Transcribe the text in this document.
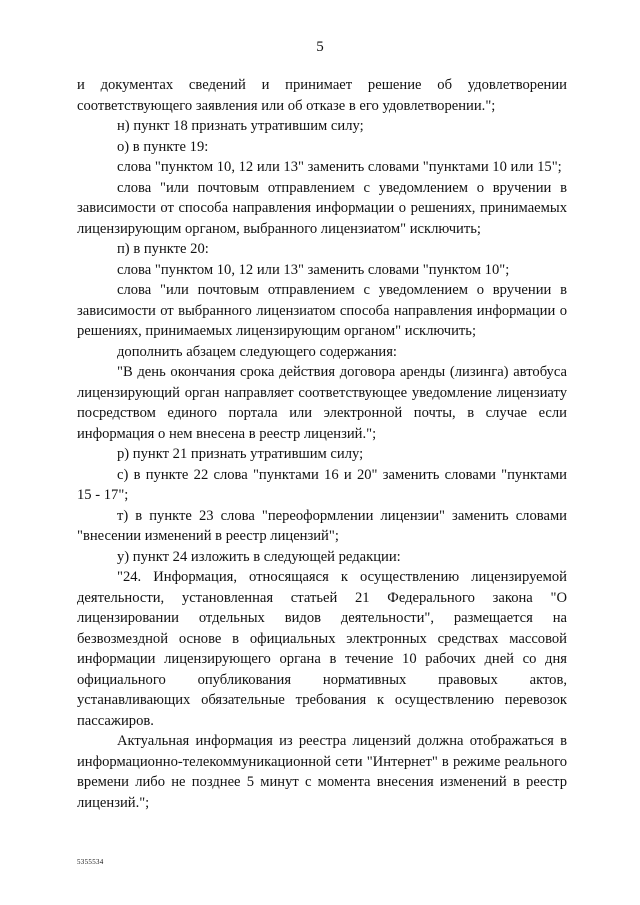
5

и документах сведений и принимает решение об удовлетворении соответствующего заявления или об отказе в его удовлетворении.";

н) пункт 18 признать утратившим силу;

о) в пункте 19:

слова "пунктом 10, 12 или 13" заменить словами "пунктами 10 или 15";

слова "или почтовым отправлением с уведомлением о вручении в зависимости от способа направления информации о решениях, принимаемых лицензирующим органом, выбранного лицензиатом" исключить;

п) в пункте 20:

слова "пунктом 10, 12 или 13" заменить словами "пунктом 10";

слова "или почтовым отправлением с уведомлением о вручении в зависимости от выбранного лицензиатом способа направления информации о решениях, принимаемых лицензирующим органом" исключить;

дополнить абзацем следующего содержания:

"В день окончания срока действия договора аренды (лизинга) автобуса лицензирующий орган направляет соответствующее уведомление лицензиату посредством единого портала или электронной почты, в случае если информация о нем внесена в реестр лицензий.";

р) пункт 21 признать утратившим силу;

с) в пункте 22 слова "пунктами 16 и 20" заменить словами "пунктами 15 - 17";

т) в пункте 23 слова "переоформлении лицензии" заменить словами "внесении изменений в реестр лицензий";

у) пункт 24 изложить в следующей редакции:

"24. Информация, относящаяся к осуществлению лицензируемой деятельности, установленная статьей 21 Федерального закона "О лицензировании отдельных видов деятельности", размещается на безвозмездной основе в официальных электронных средствах массовой информации лицензирующего органа в течение 10 рабочих дней со дня официального опубликования нормативных правовых актов, устанавливающих обязательные требования к осуществлению перевозок пассажиров.

Актуальная информация из реестра лицензий должна отображаться в информационно-телекоммуникационной сети "Интернет" в режиме реального времени либо не позднее 5 минут с момента внесения изменений в реестр лицензий.";

5355534
